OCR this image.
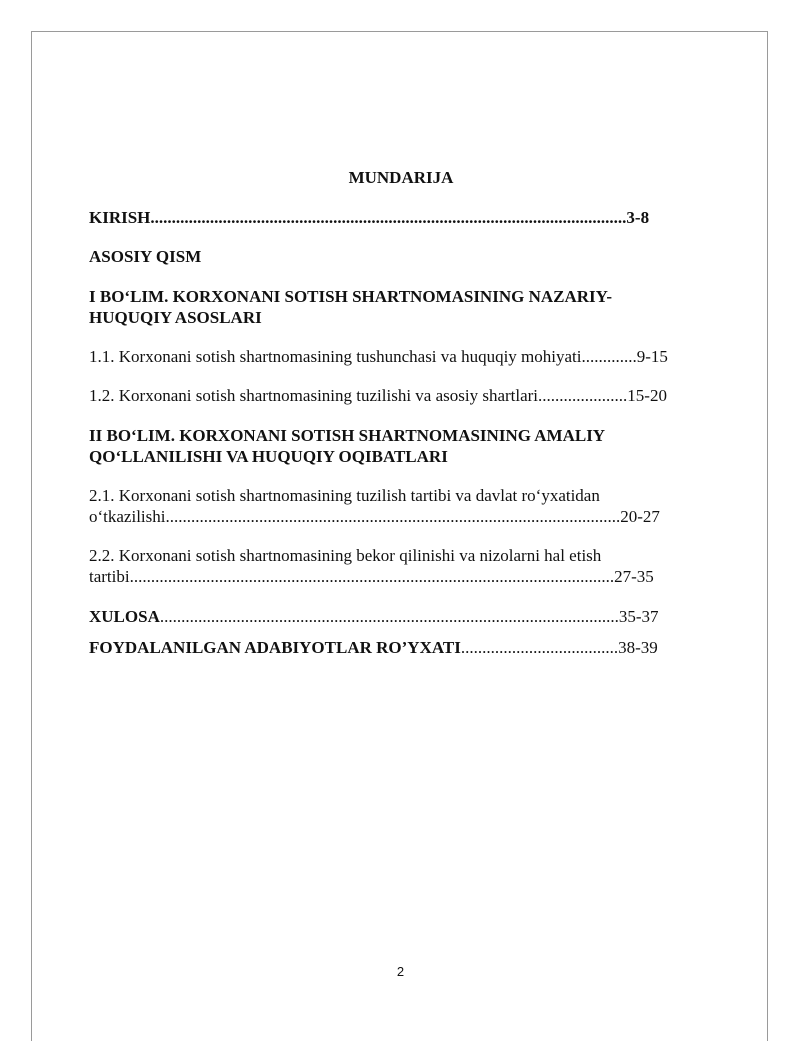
MUNDARIJA
KIRISH................................................................................................................3-8
ASOSIY QISM
I BO‘LIM. KORXONANI SOTISH SHARTNOMASINING NAZARIY-
HUQUQIY ASOSLARI
1.1. Korxonani sotish shartnomasining tushunchasi va huquqiy mohiyati.............9-15
1.2. Korxonani sotish shartnomasining tuzilishi va asosiy shartlari.....................15-20
II BO‘LIM. KORXONANI SOTISH SHARTNOMASINING AMALIY
QO‘LLANILISHI VA HUQUQIY OQIBATLARI
2.1. Korxonani sotish shartnomasining tuzilish tartibi va davlat ro‘yxatidan
o‘tkazilishi...........................................................................................................20-27
2.2. Korxonani sotish shartnomasining bekor qilinishi va nizolarni hal etish
tartibi..................................................................................................................27-35
XULOSA............................................................................................................35-37
FOYDALANILGAN ADABIYOTLAR RO’YXATI.....................................38-39
2
